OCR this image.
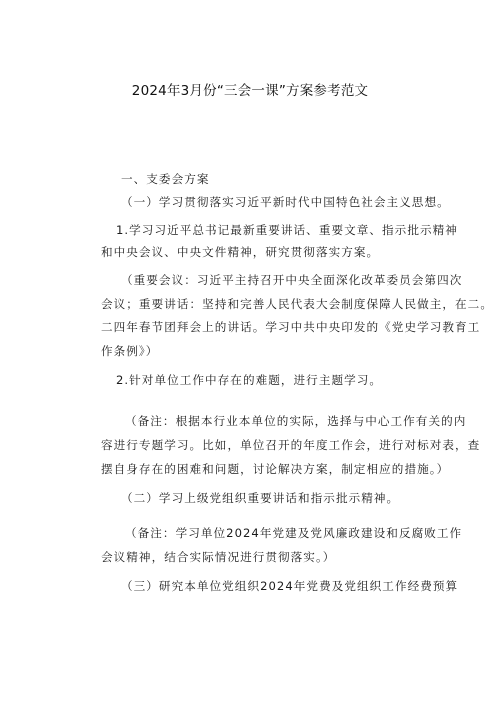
2024年3月份“三会一课”方案参考范文
一、支委会方案
（一）学习贯彻落实习近平新时代中国特色社会主义思想。
1.学习习近平总书记最新重要讲话、重要文章、指示批示精神
和中央会议、中央文件精神，研究贯彻落实方案。
（重要会议：习近平主持召开中央全面深化改革委员会第四次
会议；重要讲话：坚持和完善人民代表大会制度保障人民做主，在二。
二四年春节团拜会上的讲话。学习中共中央印发的《党史学习教育工
作条例》）
2.针对单位工作中存在的难题，进行主题学习。
（备注：根据本行业本单位的实际，选择与中心工作有关的内
容进行专题学习。比如，单位召开的年度工作会，进行对标对表，查
摆自身存在的困难和问题，讨论解决方案，制定相应的措施。）
（二）学习上级党组织重要讲话和指示批示精神。
（备注：学习单位2024年党建及党风廉政建设和反腐败工作
会议精神，结合实际情况进行贯彻落实。）
（三）研究本单位党组织2024年党费及党组织工作经费预算
